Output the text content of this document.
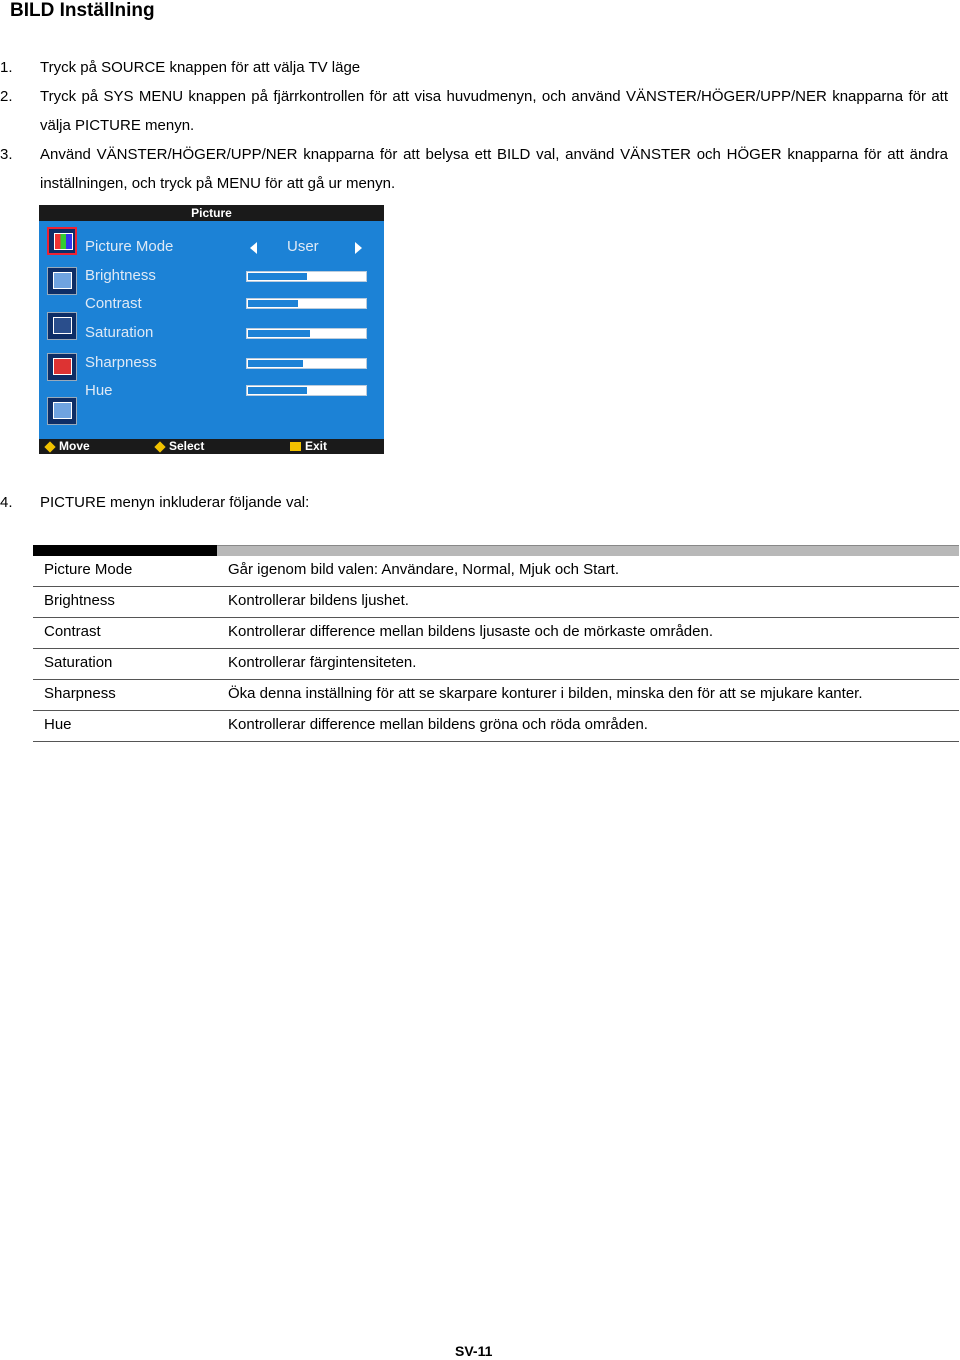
BILD Inställning
1.	Tryck på SOURCE knappen för att välja TV läge
2.	Tryck på SYS MENU knappen på fjärrkontrollen för att visa huvudmenyn, och använd VÄNSTER/HÖGER/UPP/NER knapparna för att välja PICTURE menyn.
3.	Använd VÄNSTER/HÖGER/UPP/NER knapparna för att belysa ett BILD val, använd VÄNSTER och HÖGER knapparna för att ändra inställningen, och tryck på MENU för att gå ur menyn.
Picture
Picture Mode	User
Brightness
Contrast
Saturation
Sharpness
Hue
Move	Select	Exit
4.	PICTURE menyn inkluderar följande val:
Picture Mode	Går igenom bild valen: Användare, Normal, Mjuk och Start.
Brightness	Kontrollerar bildens ljushet.
Contrast	Kontrollerar difference mellan bildens ljusaste och de mörkaste områden.
Saturation	Kontrollerar färgintensiteten.
Sharpness	Öka denna inställning för att se skarpare konturer i bilden, minska den för att se mjukare kanter.
Hue	Kontrollerar difference mellan bildens gröna och röda områden.
SV-11
